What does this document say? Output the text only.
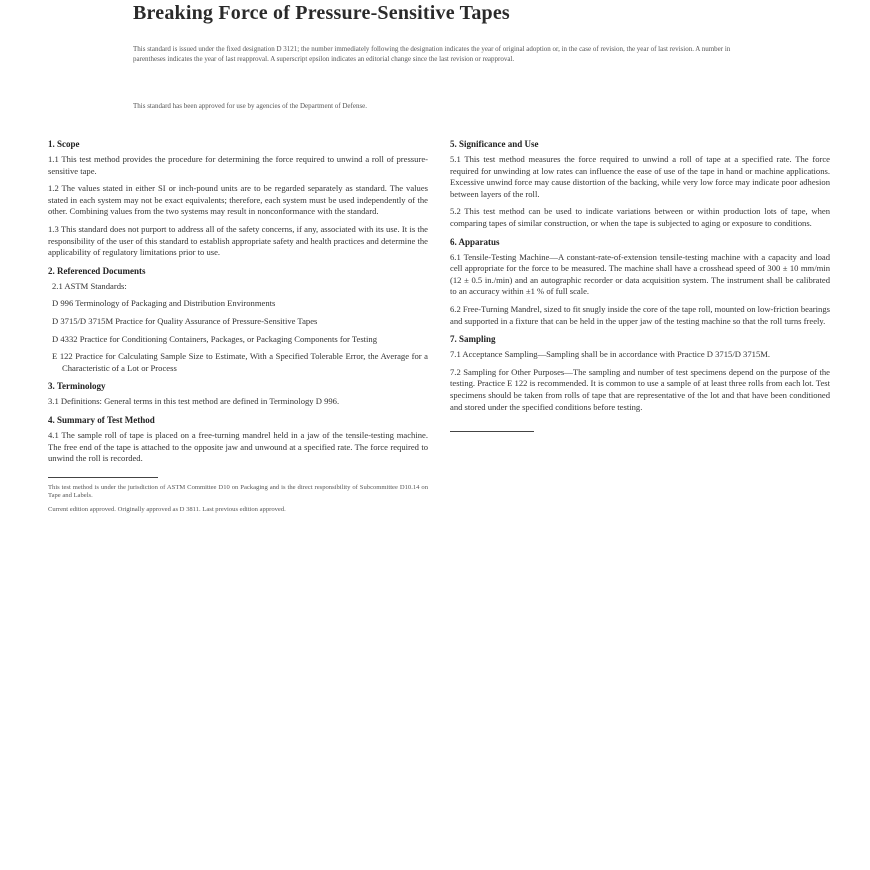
Breaking Force of Pressure-Sensitive Tapes
This standard is issued under the fixed designation D 3121; the number immediately following the designation indicates the year of original adoption or, in the case of revision, the year of last revision. A number in parentheses indicates the year of last reapproval. A superscript epsilon indicates an editorial change since the last revision or reapproval.
This standard has been approved for use by agencies of the Department of Defense.
1. Scope

1.1 This test method provides the procedure for determining the force required to unwind a roll of pressure-sensitive tape.

1.2 The values stated in either SI or inch-pound units are to be regarded separately as standard. The values stated in each system may not be exact equivalents; therefore, each system must be used independently of the other. Combining values from the two systems may result in nonconformance with the standard.

1.3 This standard does not purport to address all of the safety concerns, if any, associated with its use. It is the responsibility of the user of this standard to establish appropriate safety and health practices and determine the applicability of regulatory limitations prior to use.

2. Referenced Documents

2.1 ASTM Standards:

D 996 Terminology of Packaging and Distribution Environments

D 3715/D 3715M Practice for Quality Assurance of Pressure-Sensitive Tapes

D 4332 Practice for Conditioning Containers, Packages, or Packaging Components for Testing

E 122 Practice for Calculating Sample Size to Estimate, With a Specified Tolerable Error, the Average for a Characteristic of a Lot or Process

3. Terminology

3.1 Definitions: General terms in this test method are defined in Terminology D 996.

4. Summary of Test Method

4.1 The sample roll of tape is placed on a free-turning mandrel held in a jaw of the tensile-testing machine. The free end of the tape is attached to the opposite jaw and unwound at a specified rate. The force required to unwind the roll is recorded.

This test method is under the jurisdiction of ASTM Committee D10 on Packaging and is the direct responsibility of Subcommittee D10.14 on Tape and Labels.
Current edition approved. Originally approved as D 3811. Last previous edition approved.
5. Significance and Use

5.1 This test method measures the force required to unwind a roll of tape at a specified rate. The force required for unwinding at low rates can influence the ease of use of the tape in hand or machine applications. Excessive unwind force may cause distortion of the backing, while very low force may indicate poor adhesion between layers of the roll.

5.2 This test method can be used to indicate variations between or within production lots of tape, when comparing tapes of similar construction, or when the tape is subjected to aging or exposure to conditions.

6. Apparatus

6.1 Tensile-Testing Machine—A constant-rate-of-extension tensile-testing machine with a capacity and load cell appropriate for the force to be measured. The machine shall have a crosshead speed of 300 ± 10 mm/min (12 ± 0.5 in./min) and an autographic recorder or data acquisition system. The instrument shall be calibrated to an accuracy within ±1 % of full scale.

6.2 Free-Turning Mandrel, sized to fit snugly inside the core of the tape roll, mounted on low-friction bearings and supported in a fixture that can be held in the upper jaw of the testing machine so that the roll turns freely.

7. Sampling

7.1 Acceptance Sampling—Sampling shall be in accordance with Practice D 3715/D 3715M.

7.2 Sampling for Other Purposes—The sampling and number of test specimens depend on the purpose of the testing. Practice E 122 is recommended. It is common to use a sample of at least three rolls from each lot. Test specimens should be taken from rolls of tape that are representative of the lot and that have been conditioned and stored under the specified conditions before testing.
